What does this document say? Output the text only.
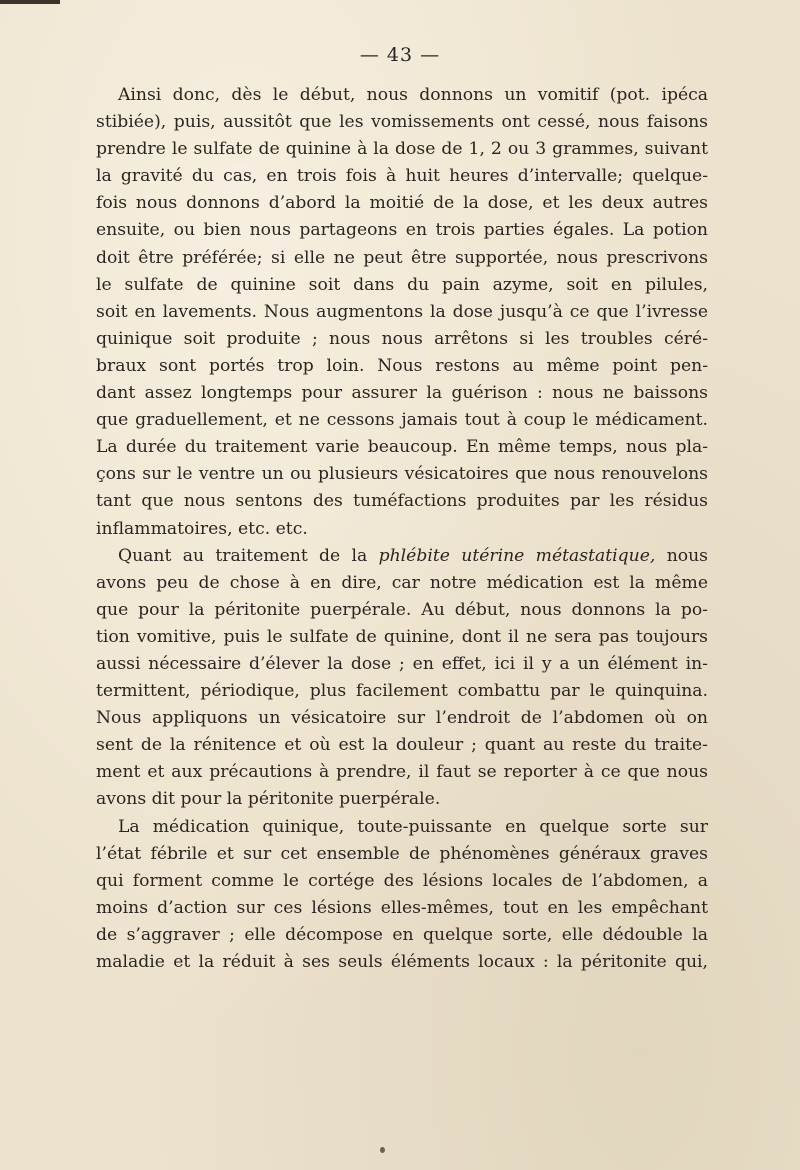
— 43 —
Ainsi donc, dès le début, nous donnons un vomitif (pot. ipéca
stibiée), puis, aussitôt que les vomissements ont cessé, nous faisons
prendre le sulfate de quinine à la dose de 1, 2 ou 3 grammes, suivant
la gravité du cas, en trois fois à huit heures d’intervalle; quelque-
fois nous donnons d’abord la moitié de la dose, et les deux autres
ensuite, ou bien nous partageons en trois parties égales. La potion
doit être préférée; si elle ne peut être supportée, nous prescrivons
le sulfate de quinine soit dans du pain azyme, soit en pilules,
soit en lavements. Nous augmentons la dose jusqu’à ce que l’ivresse
quinique soit produite ; nous nous arrêtons si les troubles céré-
braux sont portés trop loin. Nous restons au même point pen-
dant assez longtemps pour assurer la guérison : nous ne baissons
que graduellement, et ne cessons jamais tout à coup le médicament.
La durée du traitement varie beaucoup. En même temps, nous pla-
çons sur le ventre un ou plusieurs vésicatoires que nous renouvelons
tant que nous sentons des tuméfactions produites par les résidus
inflammatoires, etc. etc.
Quant au traitement de la phlébite utérine métastatique, nous
avons peu de chose à en dire, car notre médication est la même
que pour la péritonite puerpérale. Au début, nous donnons la po-
tion vomitive, puis le sulfate de quinine, dont il ne sera pas toujours
aussi nécessaire d’élever la dose ; en effet, ici il y a un élément in-
termittent, périodique, plus facilement combattu par le quinquina.
Nous appliquons un vésicatoire sur l’endroit de l’abdomen où on
sent de la rénitence et où est la douleur ; quant au reste du traite-
ment et aux précautions à prendre, il faut se reporter à ce que nous
avons dit pour la péritonite puerpérale.
La médication quinique, toute-puissante en quelque sorte sur
l’état fébrile et sur cet ensemble de phénomènes généraux graves
qui forment comme le cortége des lésions locales de l’abdomen, a
moins d’action sur ces lésions elles-mêmes, tout en les empêchant
de s’aggraver ; elle décompose en quelque sorte, elle dédouble la
maladie et la réduit à ses seuls éléments locaux : la péritonite qui,
